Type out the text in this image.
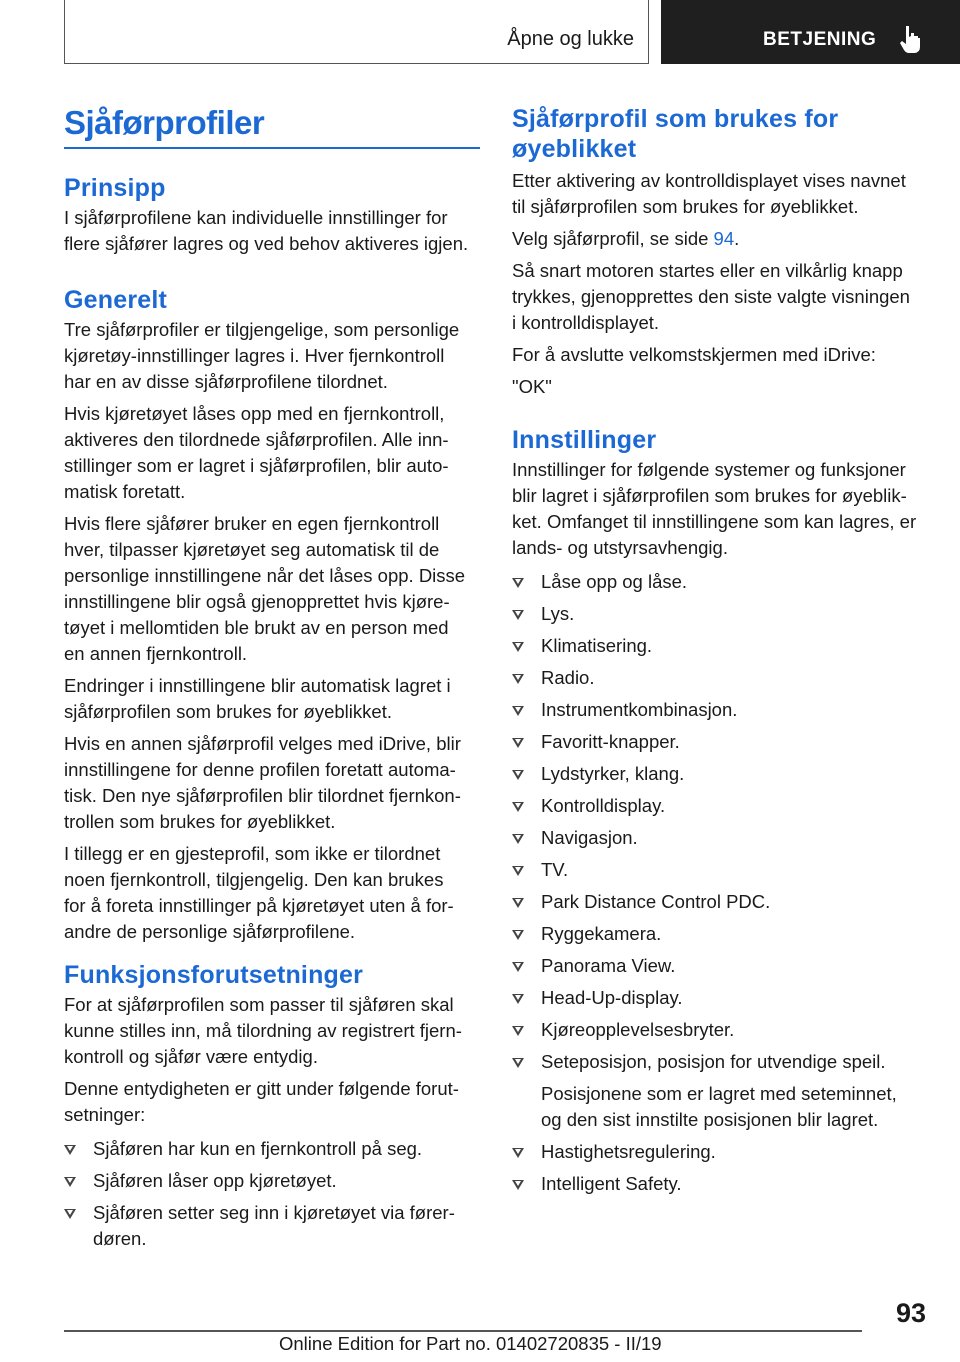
Åpne og lukke	BETJENING
Sjåførprofiler
Prinsipp
I sjåførprofilene kan individuelle innstillinger for
flere sjåfører lagres og ved behov aktiveres igjen.
Generelt
Tre sjåførprofiler er tilgjengelige, som personlige
kjøretøy-innstillinger lagres i. Hver fjernkontroll
har en av disse sjåførprofilene tilordnet.
Hvis kjøretøyet låses opp med en fjernkontroll,
aktiveres den tilordnede sjåførprofilen. Alle inn‐
stillinger som er lagret i sjåførprofilen, blir auto‐
matisk foretatt.
Hvis flere sjåfører bruker en egen fjernkontroll
hver, tilpasser kjøretøyet seg automatisk til de
personlige innstillingene når det låses opp. Disse
innstillingene blir også gjenopprettet hvis kjøre‐
tøyet i mellomtiden ble brukt av en person med
en annen fjernkontroll.
Endringer i innstillingene blir automatisk lagret i
sjåførprofilen som brukes for øyeblikket.
Hvis en annen sjåførprofil velges med iDrive, blir
innstillingene for denne profilen foretatt automa‐
tisk. Den nye sjåførprofilen blir tilordnet fjernkon‐
trollen som brukes for øyeblikket.
I tillegg er en gjesteprofil, som ikke er tilordnet
noen fjernkontroll, tilgjengelig. Den kan brukes
for å foreta innstillinger på kjøretøyet uten å for‐
andre de personlige sjåførprofilene.
Funksjonsforutsetninger
For at sjåførprofilen som passer til sjåføren skal
kunne stilles inn, må tilordning av registrert fjern‐
kontroll og sjåfør være entydig.
Denne entydigheten er gitt under følgende forut‐
setninger:
Sjåføren har kun en fjernkontroll på seg.
Sjåføren låser opp kjøretøyet.
Sjåføren setter seg inn i kjøretøyet via fører‐
døren.
Sjåførprofil som brukes for
øyeblikket
Etter aktivering av kontrolldisplayet vises navnet
til sjåførprofilen som brukes for øyeblikket.
Velg sjåførprofil, se side 94.
Så snart motoren startes eller en vilkårlig knapp
trykkes, gjenopprettes den siste valgte visningen
i kontrolldisplayet.
For å avslutte velkomstskjermen med iDrive:
"OK"
Innstillinger
Innstillinger for følgende systemer og funksjoner
blir lagret i sjåførprofilen som brukes for øyeblik‐
ket. Omfanget til innstillingene som kan lagres, er
lands- og utstyrsavhengig.
Låse opp og låse.
Lys.
Klimatisering.
Radio.
Instrumentkombinasjon.
Favoritt-knapper.
Lydstyrker, klang.
Kontrolldisplay.
Navigasjon.
TV.
Park Distance Control PDC.
Ryggekamera.
Panorama View.
Head-Up-display.
Kjøreopplevelsesbryter.
Seteposisjon, posisjon for utvendige speil.
Posisjonene som er lagret med seteminnet,
og den sist innstilte posisjonen blir lagret.
Hastighetsregulering.
Intelligent Safety.
93
Online Edition for Part no. 01402720835 - II/19
